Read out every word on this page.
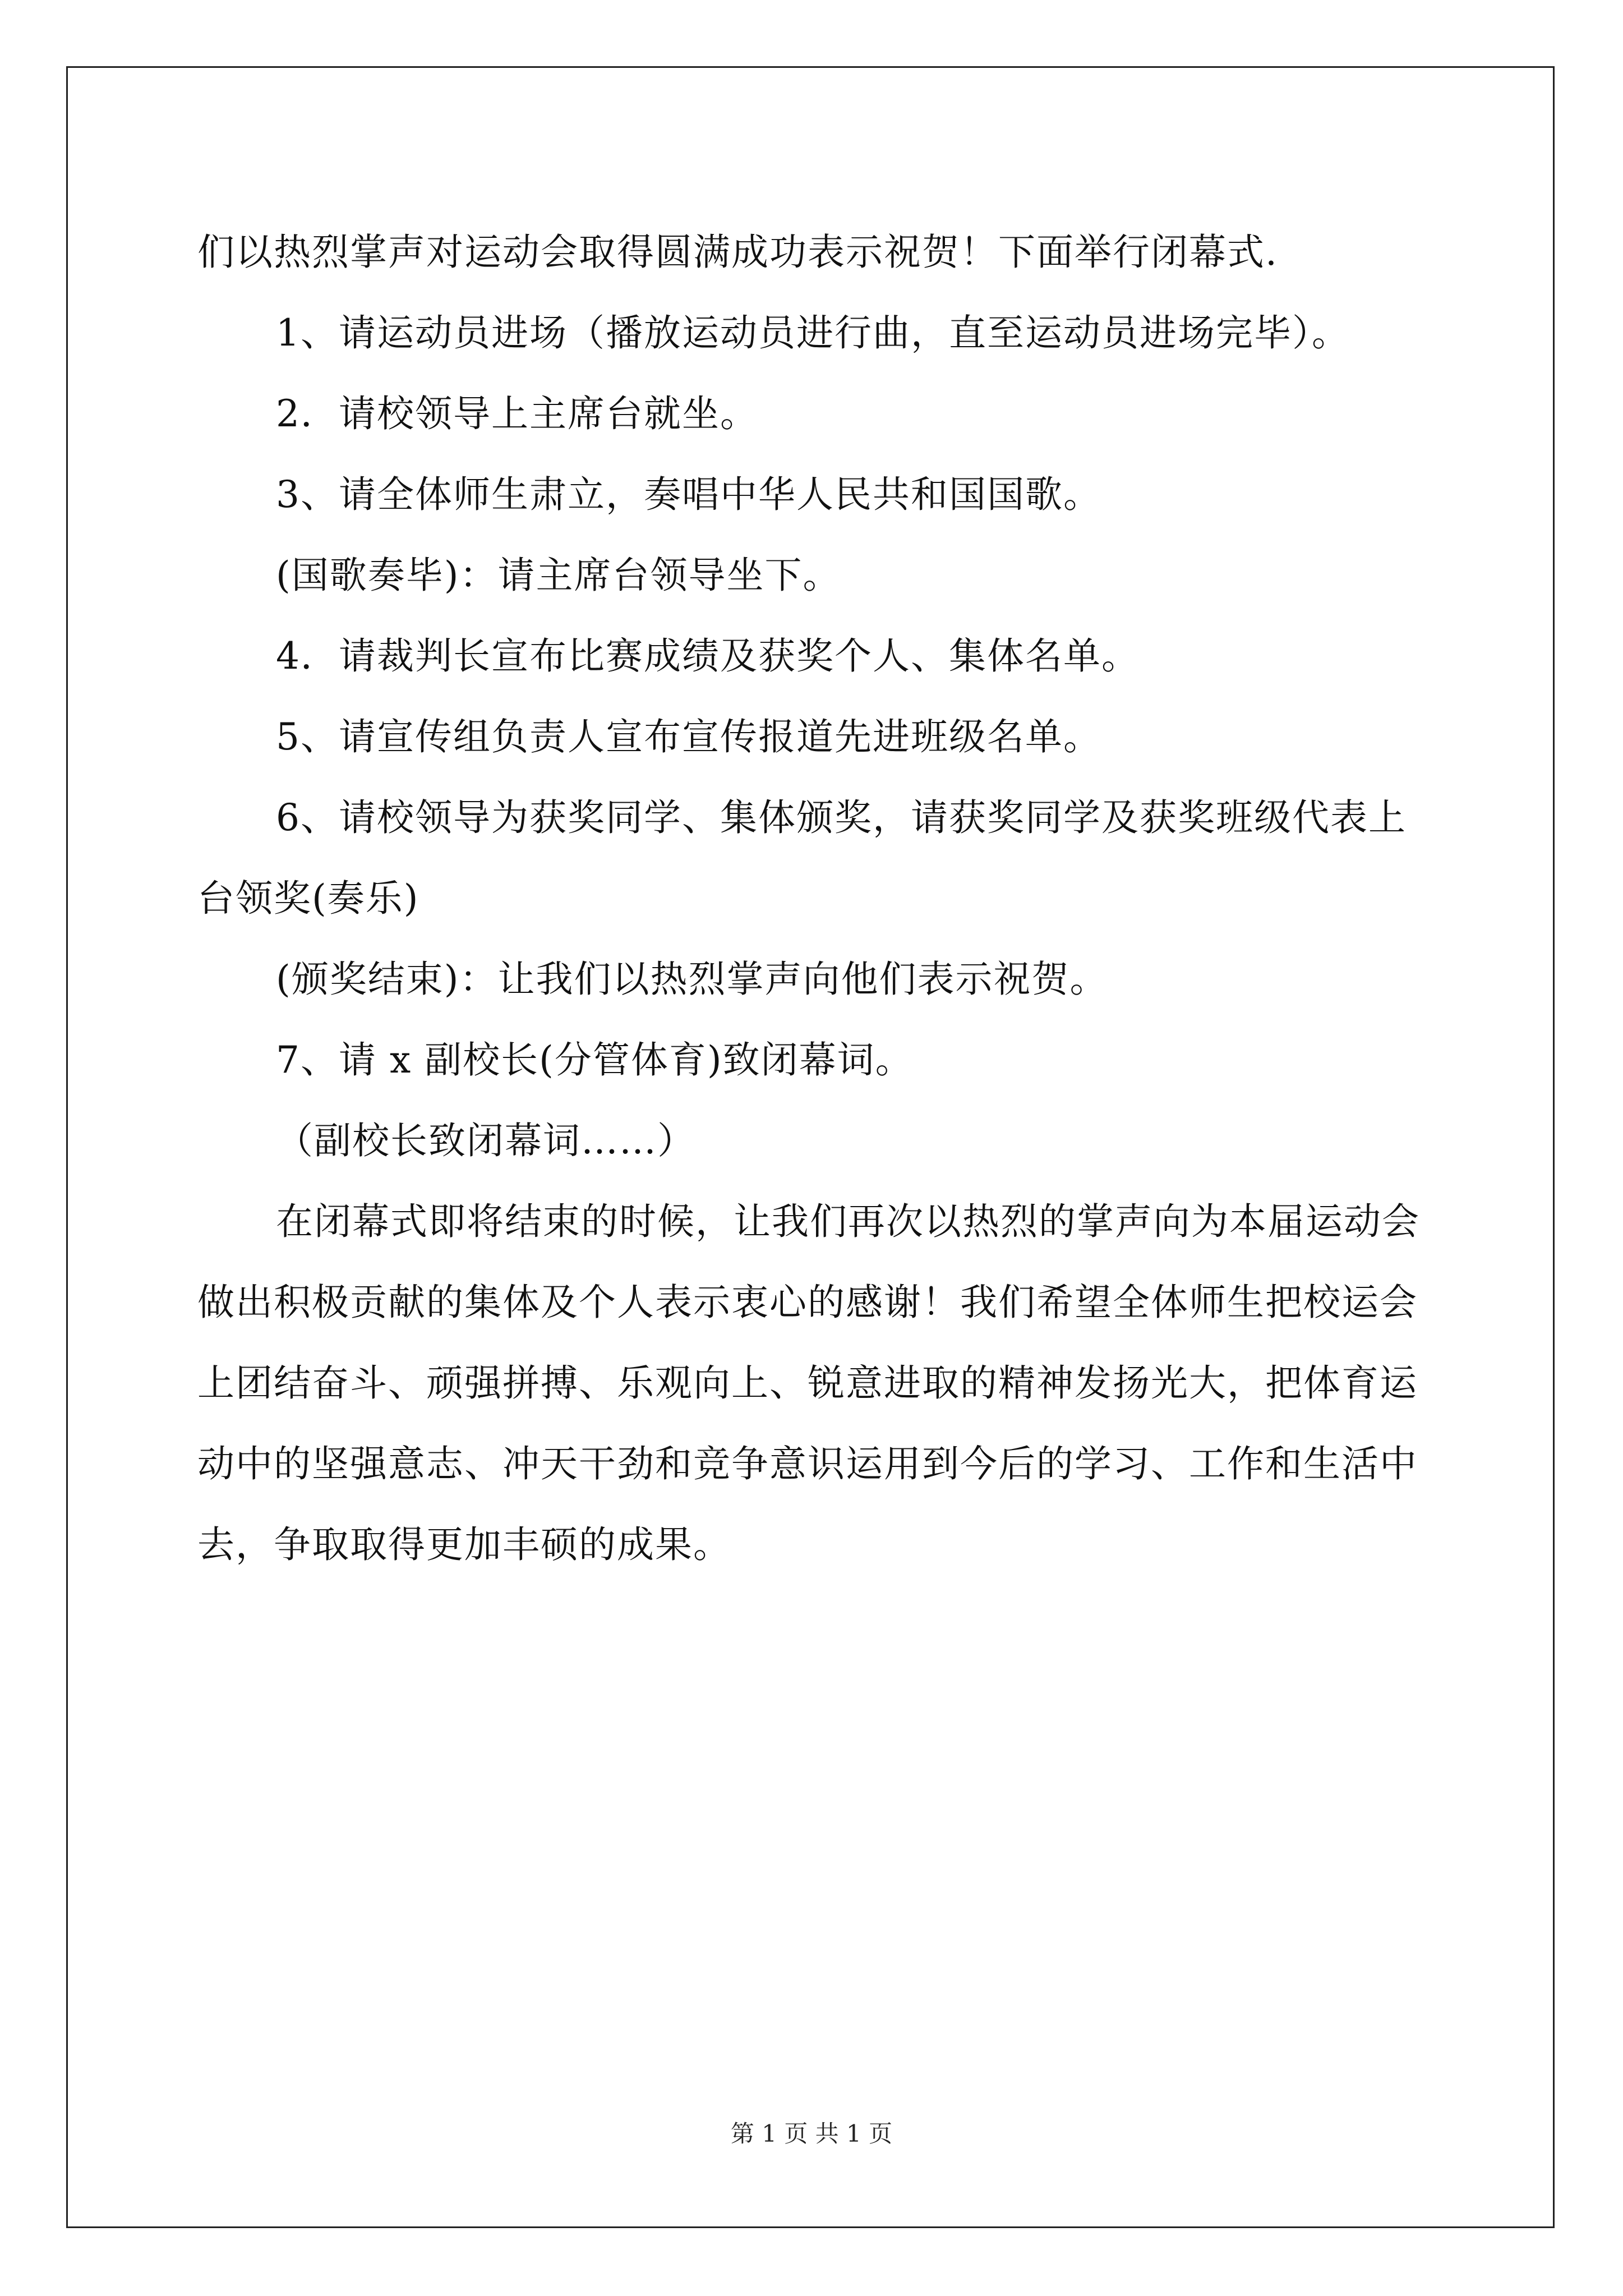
们以热烈掌声对运动会取得圆满成功表示祝贺！下面举行闭幕式.

1、请运动员进场（播放运动员进行曲，直至运动员进场完毕）。

2．请校领导上主席台就坐。

3、请全体师生肃立，奏唱中华人民共和国国歌。

(国歌奏毕)：请主席台领导坐下。

4．请裁判长宣布比赛成绩及获奖个人、集体名单。

5、请宣传组负责人宣布宣传报道先进班级名单。

6、请校领导为获奖同学、集体颁奖，请获奖同学及获奖班级代表上台领奖(奏乐)

(颁奖结束)：让我们以热烈掌声向他们表示祝贺。

7、请 x 副校长(分管体育)致闭幕词。

（副校长致闭幕词……）

在闭幕式即将结束的时候，让我们再次以热烈的掌声向为本届运动会做出积极贡献的集体及个人表示衷心的感谢！我们希望全体师生把校运会上团结奋斗、顽强拼搏、乐观向上、锐意进取的精神发扬光大，把体育运动中的坚强意志、冲天干劲和竞争意识运用到今后的学习、工作和生活中去，争取取得更加丰硕的成果。

第 1 页 共 1 页
